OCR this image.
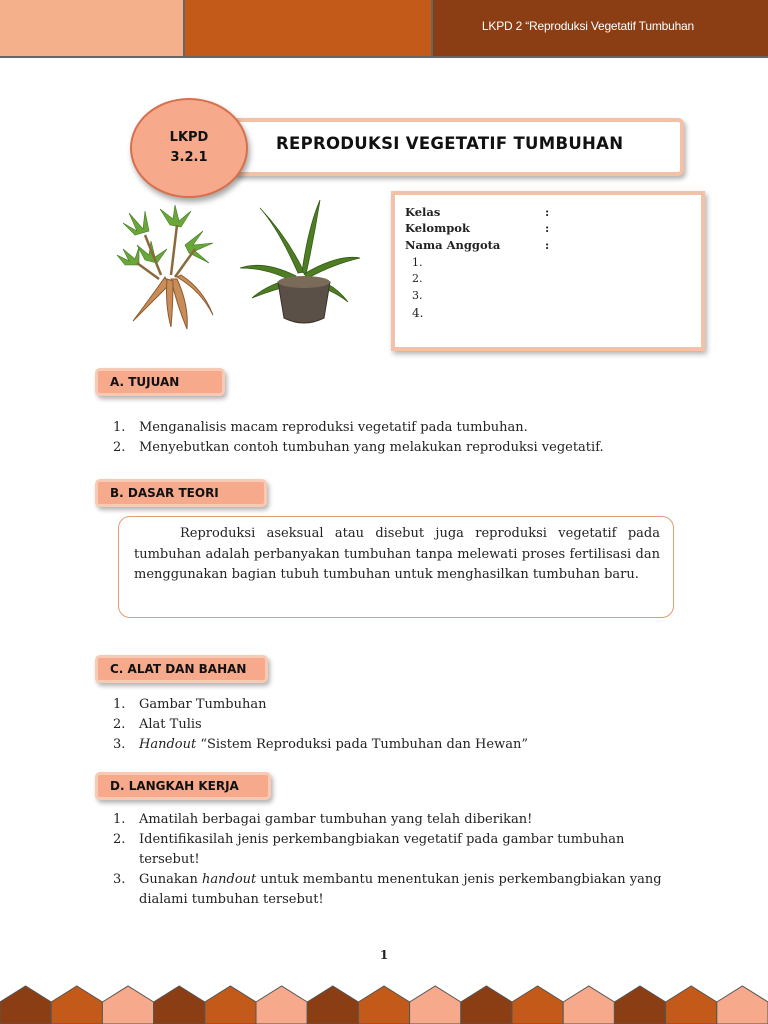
LKPD 2 “Reproduksi Vegetatif Tumbuhan
LKPD
3.2.1
REPRODUKSI VEGETATIF TUMBUHAN
Kelas	:
Kelompok	:
Nama Anggota	:
1.
2.
3.
4.
A. TUJUAN
1. Menganalisis macam reproduksi vegetatif pada tumbuhan.
2. Menyebutkan contoh tumbuhan yang melakukan reproduksi vegetatif.
B. DASAR TEORI

Reproduksi aseksual atau disebut juga reproduksi vegetatif pada tumbuhan adalah perbanyakan tumbuhan tanpa melewati proses fertilisasi dan menggunakan bagian tubuh tumbuhan untuk menghasilkan tumbuhan baru.

C. ALAT DAN BAHAN
1. Gambar Tumbuhan
2. Alat Tulis
3. Handout “Sistem Reproduksi pada Tumbuhan dan Hewan”
D. LANGKAH KERJA
1. Amatilah berbagai gambar tumbuhan yang telah diberikan!
2. Identifikasilah jenis perkembangbiakan vegetatif pada gambar tumbuhan tersebut!
3. Gunakan handout untuk membantu menentukan jenis perkembangbiakan yang dialami tumbuhan tersebut!
1
